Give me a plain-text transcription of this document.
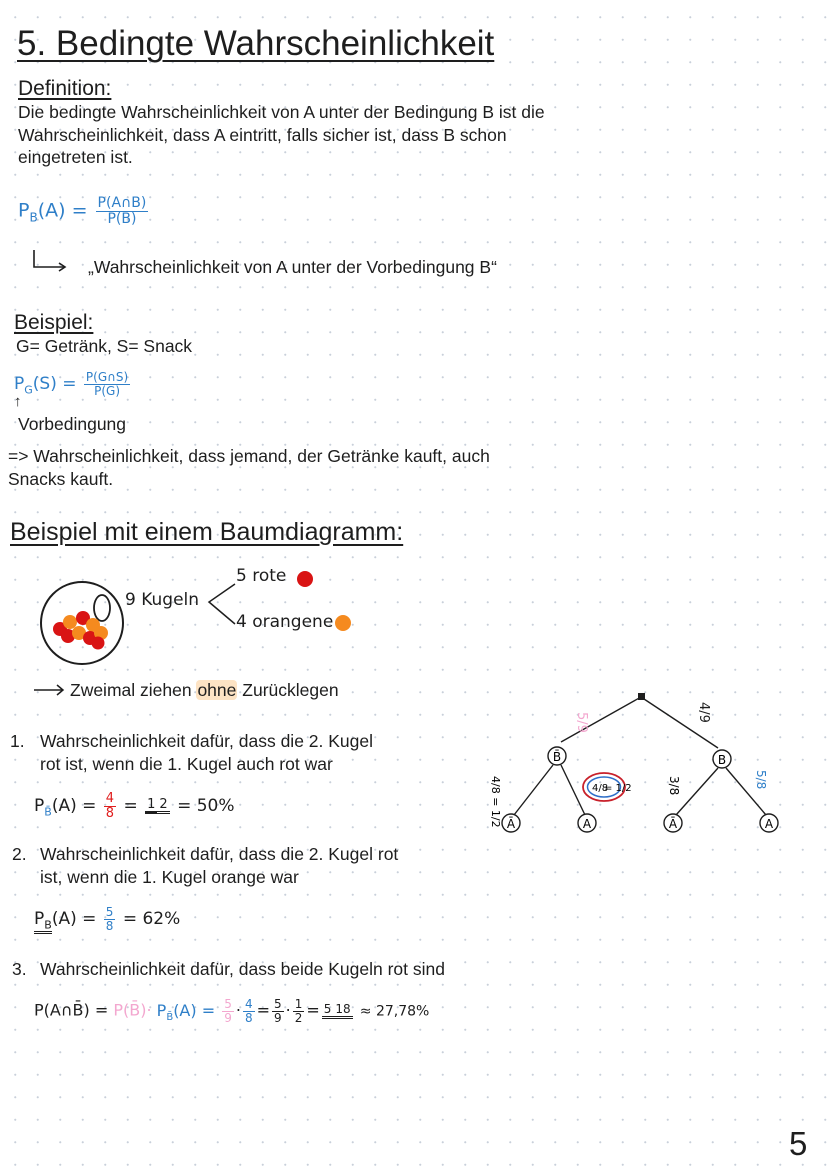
5. Bedingte Wahrscheinlichkeit
Definition:
Die bedingte Wahrscheinlichkeit von A unter der Bedingung B ist die
Wahrscheinlichkeit, dass A eintritt, falls sicher ist, dass B schon
eingetreten ist.
$P_B(A) = \frac{P(A\cap B)}{P(B)}$
„Wahrscheinlichkeit von A unter der Vorbedingung B“
Beispiel:
G= Getränk, S= Snack
$P_G(S) = \frac{P(G\cap S)}{P(G)}$
↑
Vorbedingung
=> Wahrscheinlichkeit, dass jemand, der Getränke kauft, auch
Snacks kauft.
Beispiel mit einem Baumdiagramm:
9 Kugeln
5 rote
4 orangene
Zweimal ziehen ohne Zurücklegen
1. Wahrscheinlichkeit dafür, dass die 2. Kugel
rot ist, wenn die 1. Kugel auch rot war
$P_{B̄}(A) = \frac{4}{8} = 1$ 2 = 50%
2. Wahrscheinlichkeit dafür, dass die 2. Kugel rot
ist, wenn die 1. Kugel orange war
$P_B(A) = \frac{5}{8} = 62\%$
3. Wahrscheinlichkeit dafür, dass beide Kugeln rot sind
P(A∩B̄) = P(B̄)· $P_{B̄}(A) = \frac{5}{9} \cdot \frac{4}{8} = \frac{5}{9} \cdot \frac{1}{2} = 5$ 18 ≈ 27,78%
5/9	4/9
B̄	B
4/8 = 1/2	4/8
= 1/2	3/8	5/8
Ā	A	Ā	A
5
